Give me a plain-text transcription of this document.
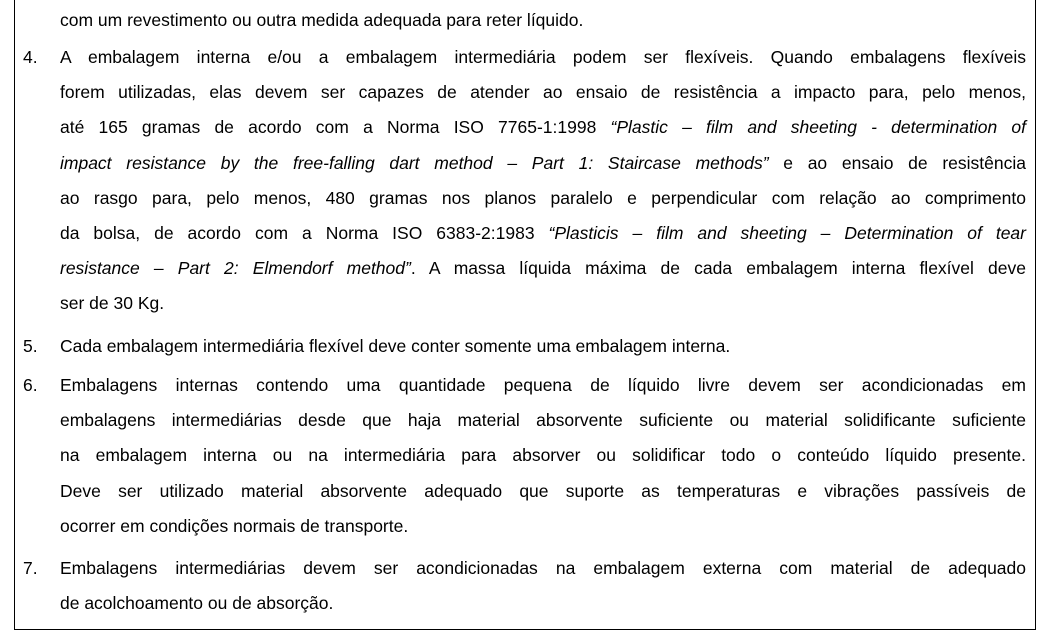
com um revestimento ou outra medida adequada para reter líquido.
4. A embalagem interna e/ou a embalagem intermediária podem ser flexíveis. Quando embalagens flexíveis
forem utilizadas, elas devem ser capazes de atender ao ensaio de resistência a impacto para, pelo menos,
até 165 gramas de acordo com a Norma ISO 7765-1:1998 “Plastic – film and sheeting - determination of
impact resistance by the free-falling dart method – Part 1: Staircase methods” e ao ensaio de resistência
ao rasgo para, pelo menos, 480 gramas nos planos paralelo e perpendicular com relação ao comprimento
da bolsa, de acordo com a Norma ISO 6383-2:1983 “Plasticis – film and sheeting – Determination of tear
resistance – Part 2: Elmendorf method”. A massa líquida máxima de cada embalagem interna flexível deve
ser de 30 Kg.
5. Cada embalagem intermediária flexível deve conter somente uma embalagem interna.
6. Embalagens internas contendo uma quantidade pequena de líquido livre devem ser acondicionadas em
embalagens intermediárias desde que haja material absorvente suficiente ou material solidificante suficiente
na embalagem interna ou na intermediária para absorver ou solidificar todo o conteúdo líquido presente.
Deve ser utilizado material absorvente adequado que suporte as temperaturas e vibrações passíveis de
ocorrer em condições normais de transporte.
7. Embalagens intermediárias devem ser acondicionadas na embalagem externa com material de adequado
de acolchoamento ou de absorção.
